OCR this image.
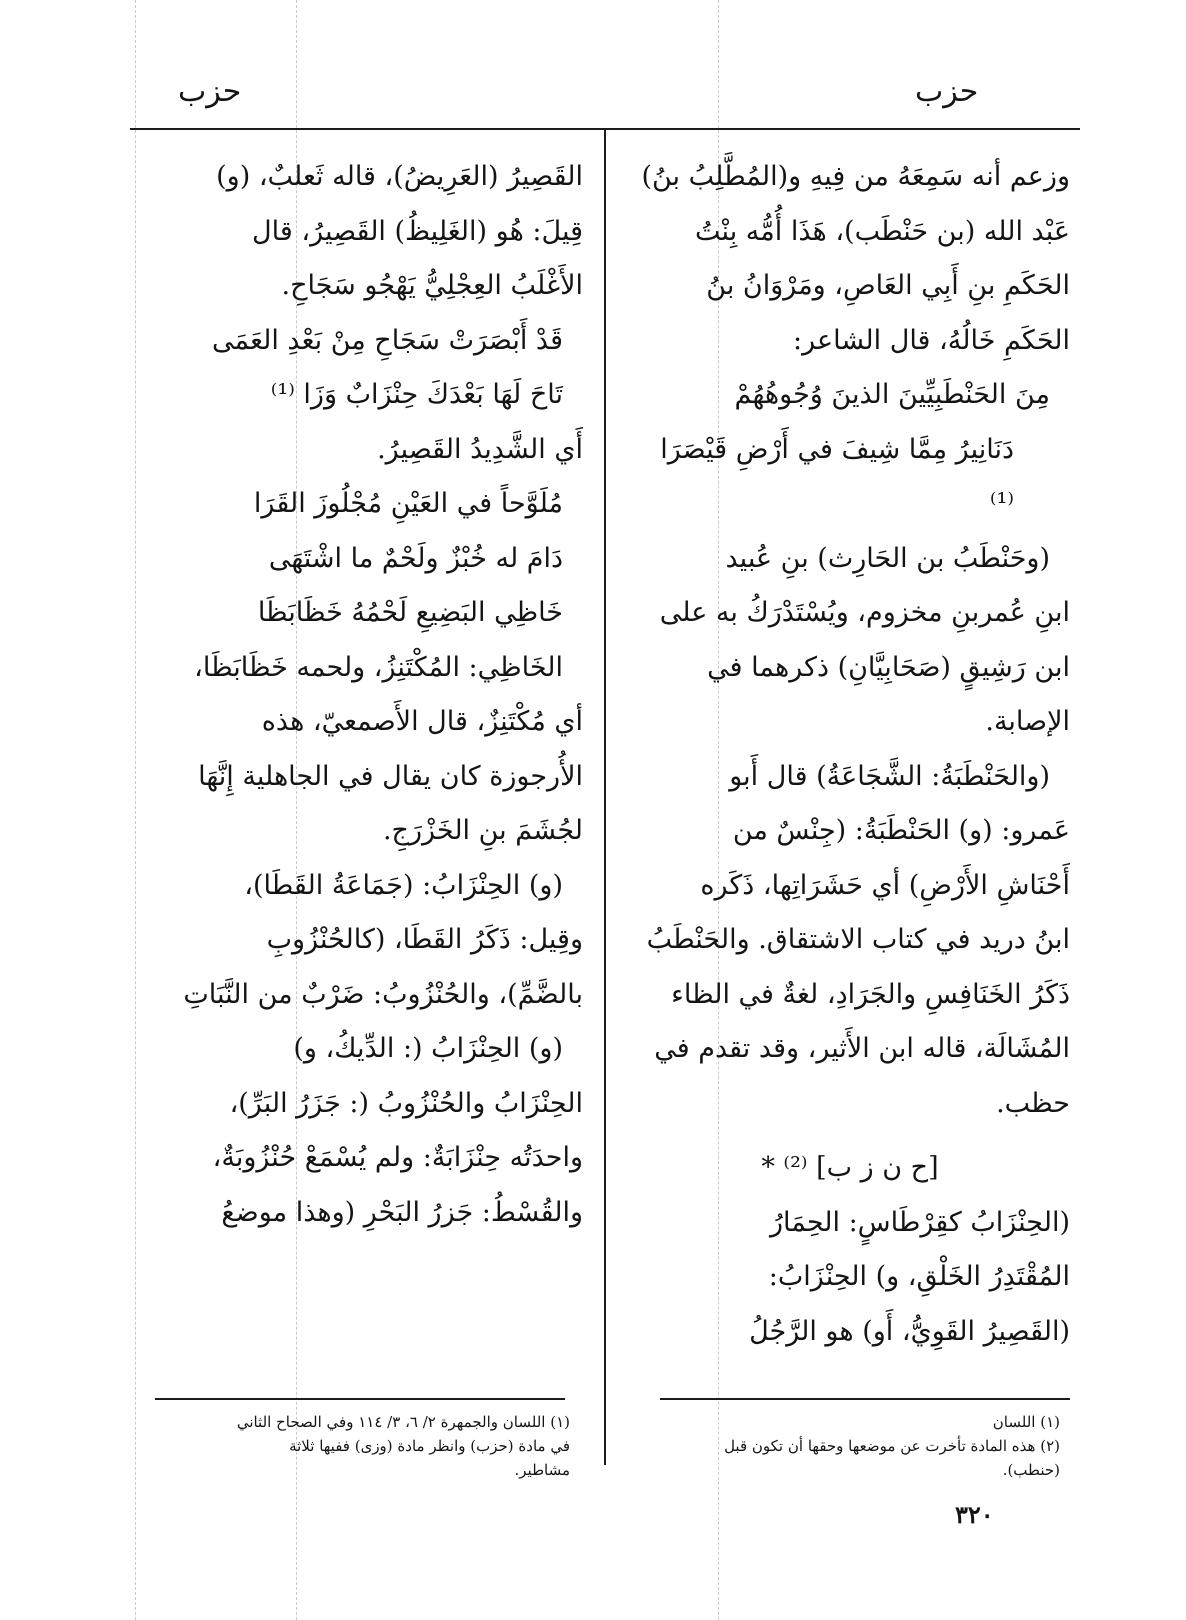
حزب
حزب

وزعم أنه سَمِعَهُ من فِيهِ و(المُطَّلِبُ بنُ)

عَبْد الله (بن حَنْطَب)، هَذَا أُمُّه بِنْتُ

الحَكَمِ بنِ أَبِي العَاصِ، ومَرْوَانُ بنُ

الحَكَمِ خَالُهُ، قال الشاعر:

مِنَ الحَنْطَبِيِّينَ الذينَ وُجُوهُهُمْ

دَنَانِيرُ مِمَّا شِيفَ في أَرْضِ قَيْصَرَا ⁽¹⁾

(وحَنْطَبُ بن الحَارِث) بنِ عُبيد

ابنِ عُمربنِ مخزوم، ويُسْتَدْرَكُ به على

ابن رَشِيقٍ (صَحَابِيَّانِ) ذكرهما في

الإصابة.

(والحَنْطَبَةُ: الشَّجَاعَةُ) قال أَبو

عَمرو: (و) الحَنْطَبَةُ: (جِنْسٌ من

أَحْنَاشِ الأَرْضِ) أي حَشَرَاتِها، ذَكَره

ابنُ دريد في كتاب الاشتقاق. والحَنْطَبُ

ذَكَرُ الخَنَافِسِ والجَرَادِ، لغةٌ في الظاء

المُشَالَة، قاله ابن الأَثير، وقد تقدم في

حظب.

[ح ن ز ب] ⁽²⁾ *

(الحِنْزَابُ كقِرْطَاسٍ: الحِمَارُ

المُقْتَدِرُ الخَلْقِ، و) الحِنْزَابُ:

(القَصِيرُ القَوِيُّ، أَو) هو الرَّجُلُ

القَصِيرُ (العَرِيضُ)، قاله ثَعلبٌ، (و)

قِيلَ: هُو (الغَلِيظُ) القَصِيرُ، قال

الأَغْلَبُ العِجْلِيُّ يَهْجُو سَجَاحِ.

قَدْ أَبْصَرَتْ سَجَاحِ مِنْ بَعْدِ العَمَى

تَاحَ لَهَا بَعْدَكَ حِنْزَابٌ وَزَا ⁽¹⁾

أَي الشَّدِيدُ القَصِيرُ.

مُلَوَّحاً في العَيْنِ مُجْلُوزَ القَرَا

دَامَ له خُبْزٌ ولَحْمٌ ما اشْتَهَى

خَاظِي البَضِيعِ لَحْمُهُ خَظَابَظَا

الخَاظِي: المُكْتَنِزُ، ولحمه خَظَابَظَا،

أي مُكْتَنِزٌ، قال الأَصمعيّ، هذه

الأُرجوزة كان يقال في الجاهلية إِنَّهَا

لجُشَمَ بنِ الخَزْرَجِ.

(و) الحِنْزَابُ: (جَمَاعَةُ القَطَا)،

وقِيل: ذَكَرُ القَطَا، (كالحُنْزُوبِ

بالضَّمِّ)، والحُنْزُوبُ: ضَرْبٌ من النَّبَاتِ

(و) الحِنْزَابُ (: الدِّيكُ، و)

الحِنْزَابُ والحُنْزُوبُ (: جَزَرُ البَرِّ)،

واحدَتُه حِنْزَابَةٌ: ولم يُسْمَعْ حُنْزُوبَةٌ،

والقُسْطُ: جَزرُ البَحْرِ (وهذا موضعُ

(١) اللسان

(٢) هذه المادة تأخرت عن موضعها وحقها أن تكون قبل

(حنطب).

(١) اللسان والجمهرة ٢/ ٦، ٣/ ١١٤ وفي الصحاح الثاني

في مادة (حزب) وانظر مادة (وزى) ففيها ثلاثة

مشاطير.

٣٢٠
